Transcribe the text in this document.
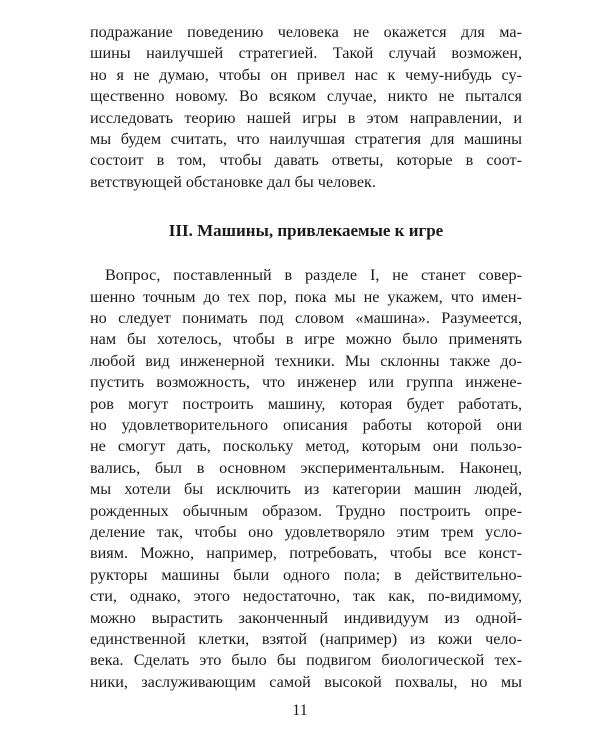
подражание поведению человека не окажется для ма-
шины наилучшей стратегией. Такой случай возможен,
но я не думаю, чтобы он привел нас к чему-нибудь су-
щественно новому. Во всяком случае, никто не пытался
исследовать теорию нашей игры в этом направлении, и
мы будем считать, что наилучшая стратегия для машины
состоит в том, чтобы давать ответы, которые в соот-
ветствующей обстановке дал бы человек.
III. Машины, привлекаемые к игре
Вопрос, поставленный в разделе I, не станет совер-
шенно точным до тех пор, пока мы не укажем, что имен-
но следует понимать под словом «машина». Разумеется,
нам бы хотелось, чтобы в игре можно было применять
любой вид инженерной техники. Мы склонны также до-
пустить возможность, что инженер или группа инжене-
ров могут построить машину, которая будет работать,
но удовлетворительного описания работы которой они
не смогут дать, поскольку метод, которым они пользо-
вались, был в основном экспериментальным. Наконец,
мы хотели бы исключить из категории машин людей,
рожденных обычным образом. Трудно построить опре-
деление так, чтобы оно удовлетворяло этим трем усло-
виям. Можно, например, потребовать, чтобы все конст-
рукторы машины были одного пола; в действительно-
сти, однако, этого недостаточно, так как, по-видимому,
можно вырастить законченный индивидуум из одной-
единственной клетки, взятой (например) из кожи чело-
века. Сделать это было бы подвигом биологической тех-
ники, заслуживающим самой высокой похвалы, но мы
11
